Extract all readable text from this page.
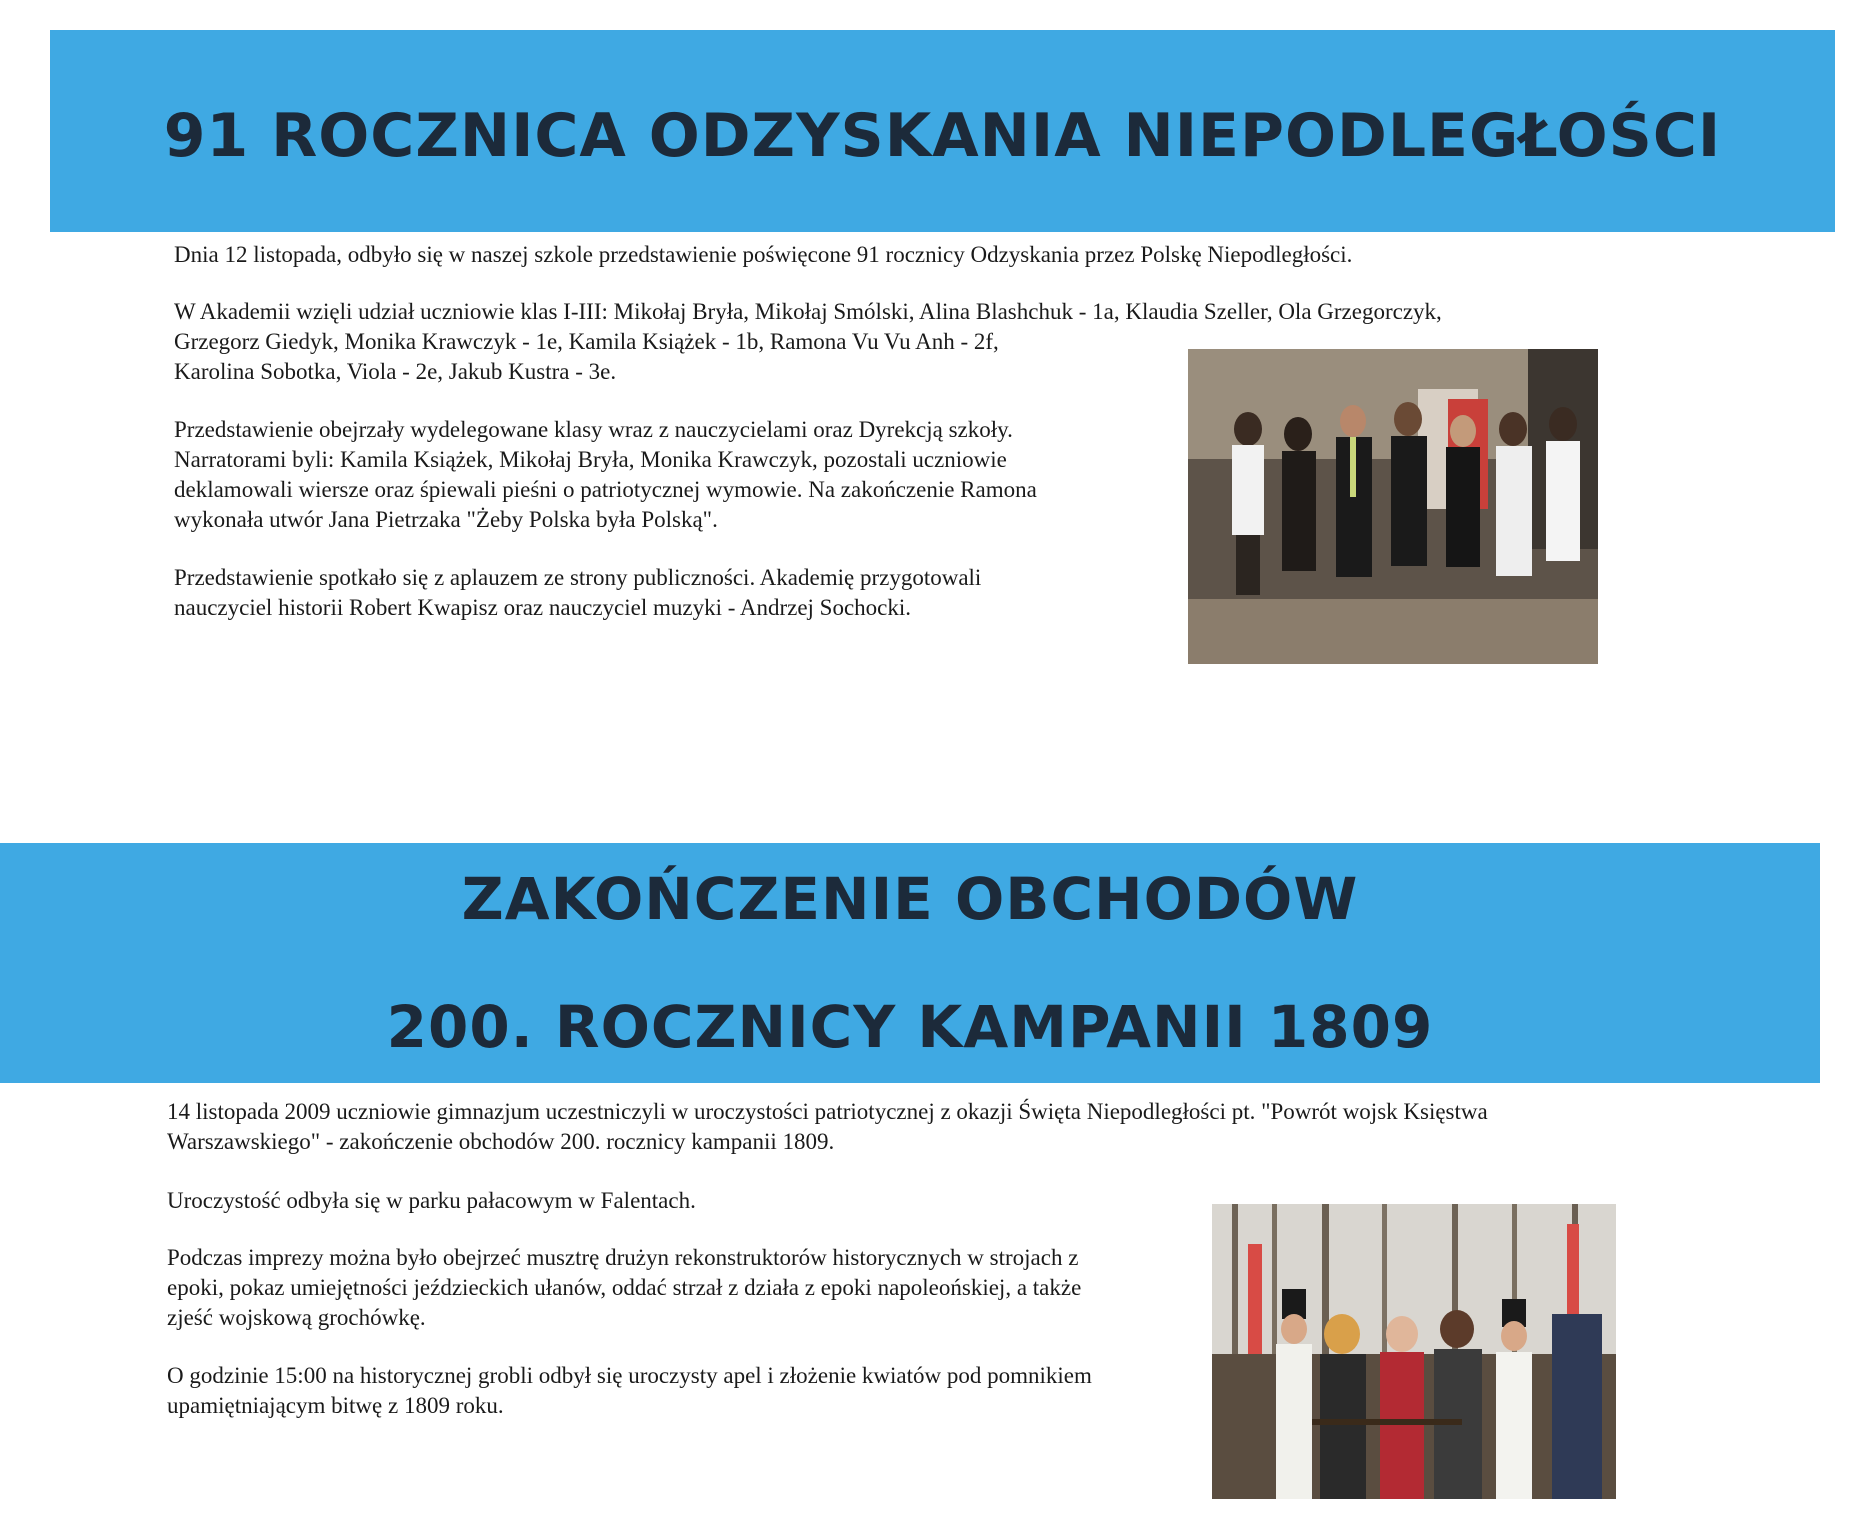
91 ROCZNICA ODZYSKANIA NIEPODLEGŁOŚCI

Dnia 12 listopada, odbyło się w naszej szkole przedstawienie poświęcone 91 rocznicy Odzyskania przez Polskę Niepodległości.

W Akademii wzięli udział uczniowie klas I-III: Mikołaj Bryła, Mikołaj Smólski, Alina Blashchuk - 1a, Klaudia Szeller, Ola Grzegorczyk,

Grzegorz Giedyk, Monika Krawczyk - 1e, Kamila Książek - 1b, Ramona Vu Vu Anh - 2f,

Karolina Sobotka, Viola - 2e, Jakub Kustra - 3e.

Przedstawienie obejrzały wydelegowane klasy wraz z nauczycielami oraz Dyrekcją szkoły.

Narratorami byli: Kamila Książek, Mikołaj Bryła, Monika Krawczyk, pozostali uczniowie

deklamowali wiersze oraz śpiewali pieśni o patriotycznej wymowie. Na zakończenie Ramona

wykonała utwór Jana Pietrzaka "Żeby Polska była Polską".

Przedstawienie spotkało się z aplauzem ze strony publiczności. Akademię przygotowali

nauczyciel historii Robert Kwapisz oraz nauczyciel muzyki - Andrzej Sochocki.

ZAKOŃCZENIE OBCHODÓW
200. ROCZNICY KAMPANII 1809

14 listopada 2009 uczniowie gimnazjum uczestniczyli w uroczystości patriotycznej z okazji Święta Niepodległości pt. "Powrót wojsk Księstwa

Warszawskiego" - zakończenie obchodów 200. rocznicy kampanii 1809.

Uroczystość odbyła się w parku pałacowym w Falentach.

Podczas imprezy można było obejrzeć musztrę drużyn rekonstruktorów historycznych w strojach z

epoki, pokaz umiejętności jeździeckich ułanów, oddać strzał z działa z epoki napoleońskiej, a także

zjeść wojskową grochówkę.

O godzinie 15:00 na historycznej grobli odbył się uroczysty apel i złożenie kwiatów pod pomnikiem

upamiętniającym bitwę z 1809 roku.
